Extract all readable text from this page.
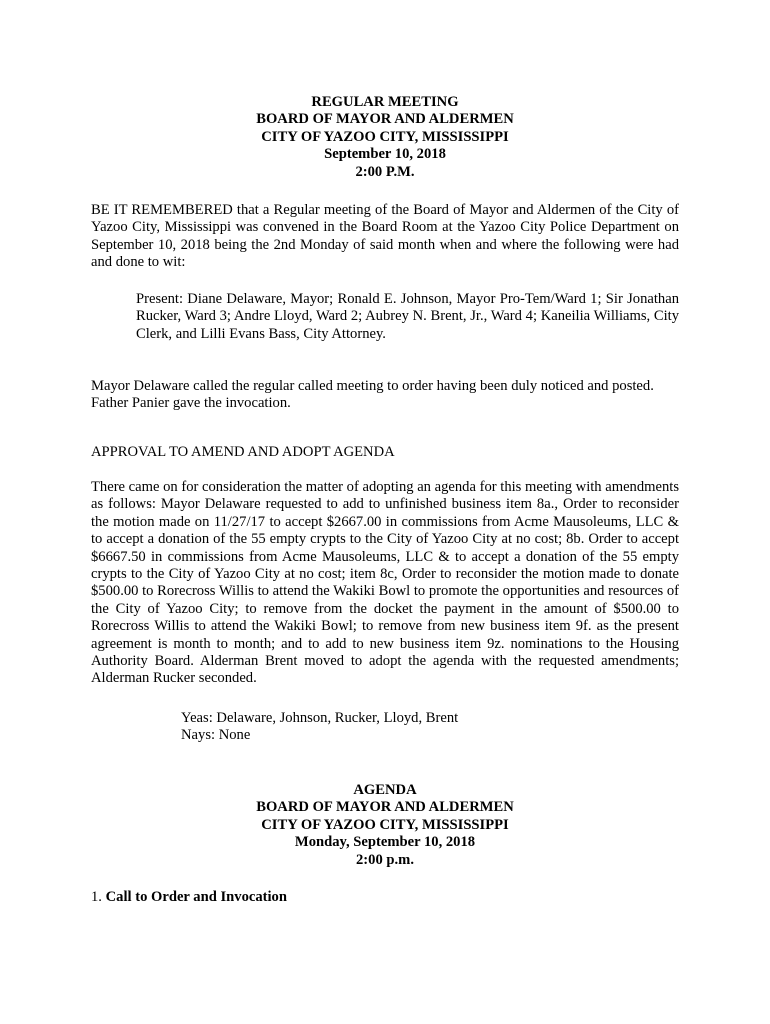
REGULAR MEETING
BOARD OF MAYOR AND ALDERMEN
CITY OF YAZOO CITY, MISSISSIPPI
September 10, 2018
2:00 P.M.

BE IT REMEMBERED that a Regular meeting of the Board of Mayor and Aldermen of the City of Yazoo City, Mississippi was convened in the Board Room at the Yazoo City Police Department on September 10, 2018 being the 2nd Monday of said month when and where the following were had and done to wit:

Present: Diane Delaware, Mayor; Ronald E. Johnson, Mayor Pro-Tem/Ward 1; Sir Jonathan Rucker, Ward 3; Andre Lloyd, Ward 2; Aubrey N. Brent, Jr., Ward 4; Kaneilia Williams, City Clerk, and Lilli Evans Bass, City Attorney.

Mayor Delaware called the regular called meeting to order having been duly noticed and posted.
Father Panier gave the invocation.
APPROVAL TO AMEND AND ADOPT AGENDA

There came on for consideration the matter of adopting an agenda for this meeting with amendments as follows: Mayor Delaware requested to add to unfinished business item 8a., Order to reconsider the motion made on 11/27/17 to accept $2667.00 in commissions from Acme Mausoleums, LLC & to accept a donation of the 55 empty crypts to the City of Yazoo City at no cost; 8b. Order to accept $6667.50 in commissions from Acme Mausoleums, LLC & to accept a donation of the 55 empty crypts to the City of Yazoo City at no cost; item 8c, Order to reconsider the motion made to donate $500.00 to Rorecross Willis to attend the Wakiki Bowl to promote the opportunities and resources of the City of Yazoo City; to remove from the docket the payment in the amount of $500.00 to Rorecross Willis to attend the Wakiki Bowl; to remove from new business item 9f. as the present agreement is month to month; and to add to new business item 9z. nominations to the Housing Authority Board. Alderman Brent moved to adopt the agenda with the requested amendments; Alderman Rucker seconded.

Yeas: Delaware, Johnson, Rucker, Lloyd, Brent
Nays: None
AGENDA
BOARD OF MAYOR AND ALDERMEN
CITY OF YAZOO CITY, MISSISSIPPI
Monday, September 10, 2018
2:00 p.m.
1. Call to Order and Invocation
